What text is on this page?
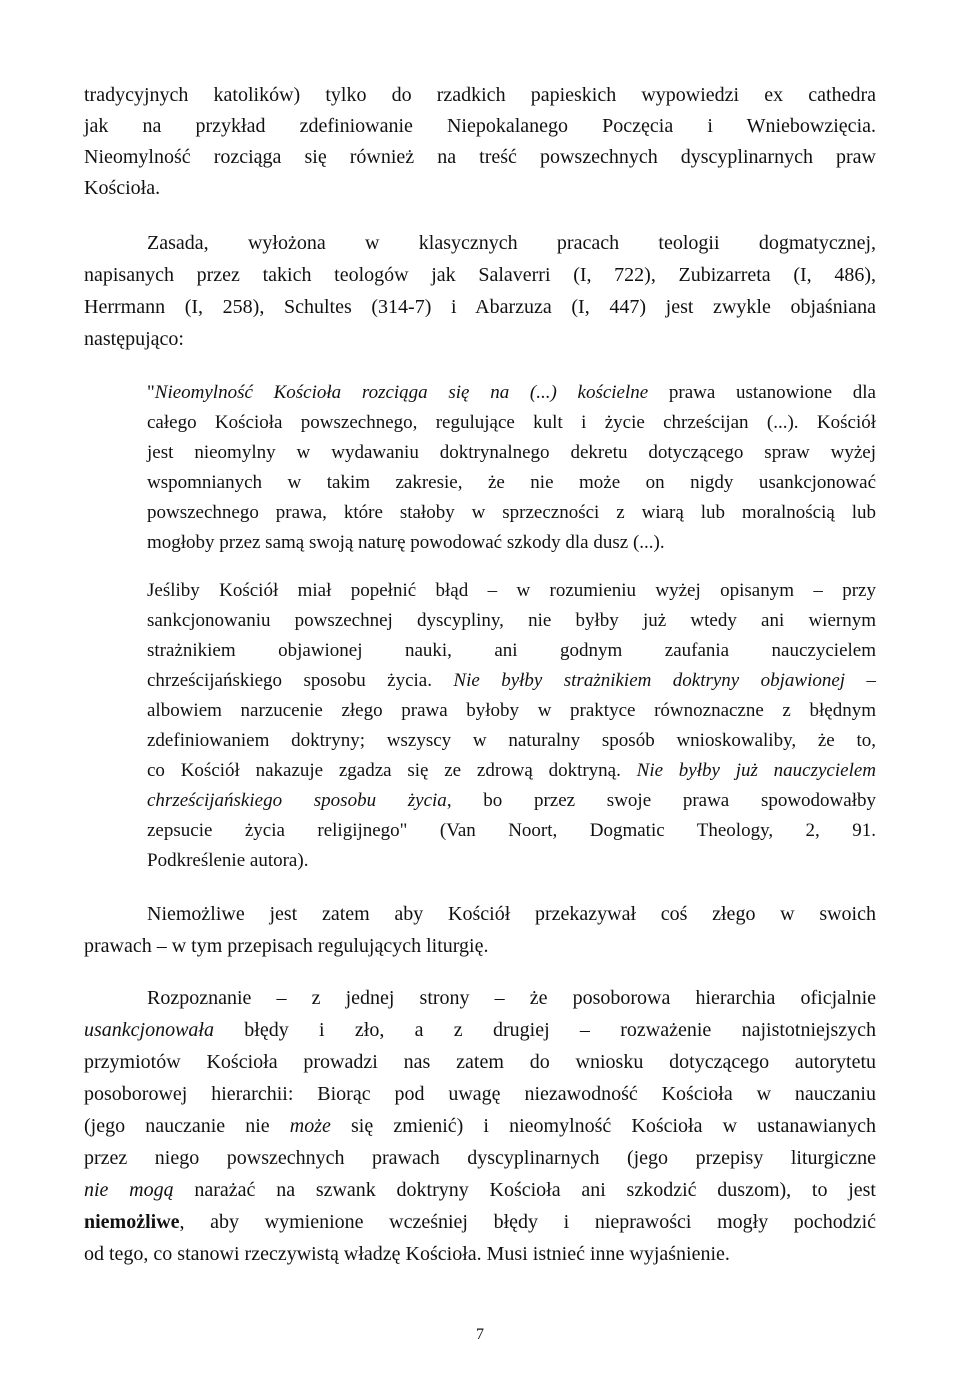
tradycyjnych katolików) tylko do rzadkich papieskich wypowiedzi ex cathedra
jak na przykład zdefiniowanie Niepokalanego Poczęcia i Wniebowzięcia.
Nieomylność rozciąga się również na treść powszechnych dyscyplinarnych praw
Kościoła.
Zasada, wyłożona w klasycznych pracach teologii dogmatycznej,
napisanych przez takich teologów jak Salaverri (I, 722), Zubizarreta (I, 486),
Herrmann (I, 258), Schultes (314-7) i Abarzuza (I, 447) jest zwykle objaśniana
następująco:
"Nieomylność Kościoła rozciąga się na (...) kościelne prawa ustanowione dla
całego Kościoła powszechnego, regulujące kult i życie chrześcijan (...). Kościół
jest nieomylny w wydawaniu doktrynalnego dekretu dotyczącego spraw wyżej
wspomnianych w takim zakresie, że nie może on nigdy usankcjonować
powszechnego prawa, które stałoby w sprzeczności z wiarą lub moralnością lub
mogłoby przez samą swoją naturę powodować szkody dla dusz (...).
Jeśliby Kościół miał popełnić błąd – w rozumieniu wyżej opisanym – przy
sankcjonowaniu powszechnej dyscypliny, nie byłby już wtedy ani wiernym
strażnikiem objawionej nauki, ani godnym zaufania nauczycielem
chrześcijańskiego sposobu życia. Nie byłby strażnikiem doktryny objawionej –
albowiem narzucenie złego prawa byłoby w praktyce równoznaczne z błędnym
zdefiniowaniem doktryny; wszyscy w naturalny sposób wnioskowaliby, że to,
co Kościół nakazuje zgadza się ze zdrową doktryną. Nie byłby już nauczycielem
chrześcijańskiego sposobu życia, bo przez swoje prawa spowodowałby
zepsucie życia religijnego" (Van Noort, Dogmatic Theology, 2, 91.
Podkreślenie autora).
Niemożliwe jest zatem aby Kościół przekazywał coś złego w swoich
prawach – w tym przepisach regulujących liturgię.
Rozpoznanie – z jednej strony – że posoborowa hierarchia oficjalnie
usankcjonowała błędy i zło, a z drugiej – rozważenie najistotniejszych
przymiotów Kościoła prowadzi nas zatem do wniosku dotyczącego autorytetu
posoborowej hierarchii: Biorąc pod uwagę niezawodność Kościoła w nauczaniu
(jego nauczanie nie może się zmienić) i nieomylność Kościoła w ustanawianych
przez niego powszechnych prawach dyscyplinarnych (jego przepisy liturgiczne
nie mogą narażać na szwank doktryny Kościoła ani szkodzić duszom), to jest
niemożliwe, aby wymienione wcześniej błędy i nieprawości mogły pochodzić
od tego, co stanowi rzeczywistą władzę Kościoła. Musi istnieć inne wyjaśnienie.
7
